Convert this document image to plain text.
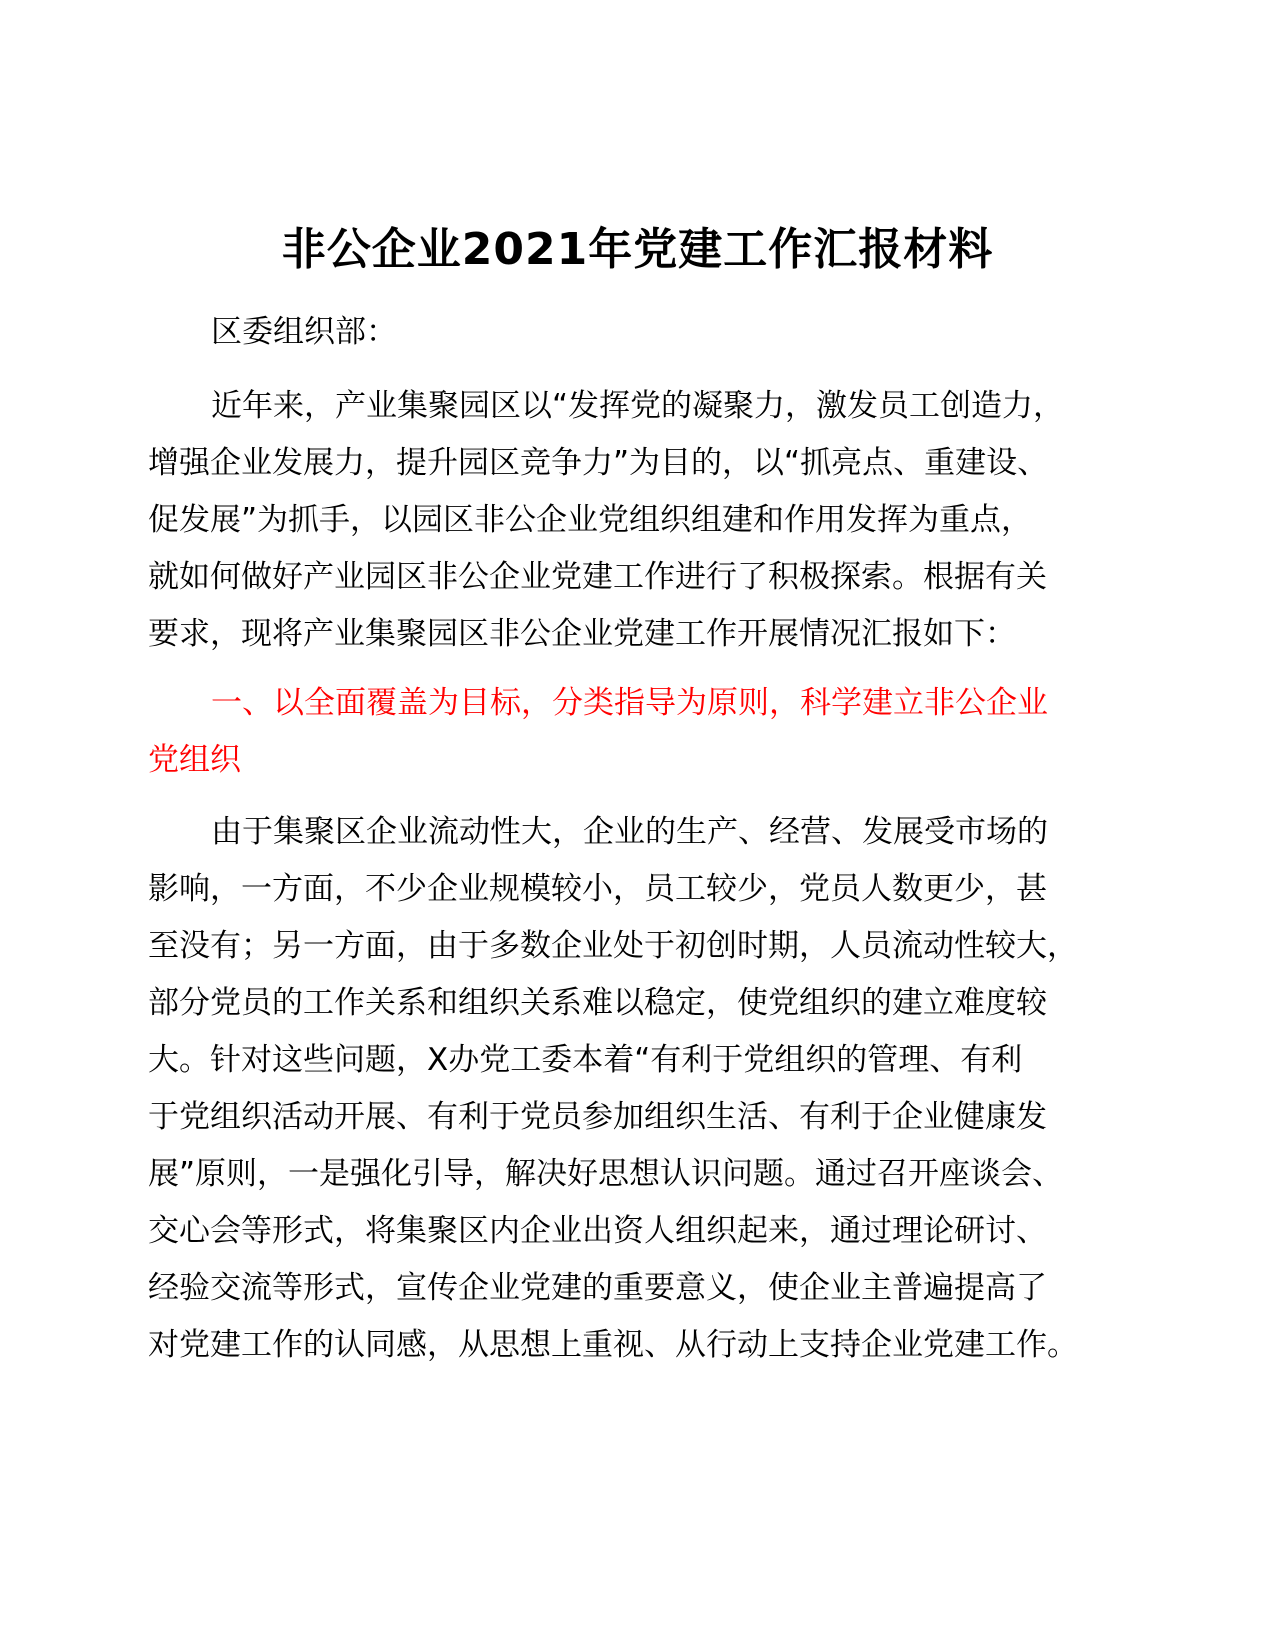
非公企业2021年党建工作汇报材料

区委组织部：

近年来，产业集聚园区以“发挥党的凝聚力，激发员工创造力，
增强企业发展力，提升园区竞争力”为目的，以“抓亮点、重建设、
促发展”为抓手，以园区非公企业党组织组建和作用发挥为重点，
就如何做好产业园区非公企业党建工作进行了积极探索。根据有关
要求，现将产业集聚园区非公企业党建工作开展情况汇报如下：
一、以全面覆盖为目标，分类指导为原则，科学建立非公企业
党组织
由于集聚区企业流动性大，企业的生产、经营、发展受市场的
影响，一方面，不少企业规模较小，员工较少，党员人数更少，甚
至没有；另一方面，由于多数企业处于初创时期，人员流动性较大，
部分党员的工作关系和组织关系难以稳定，使党组织的建立难度较
大。针对这些问题，X办党工委本着“有利于党组织的管理、有利
于党组织活动开展、有利于党员参加组织生活、有利于企业健康发
展”原则，一是强化引导，解决好思想认识问题。通过召开座谈会、
交心会等形式，将集聚区内企业出资人组织起来，通过理论研讨、
经验交流等形式，宣传企业党建的重要意义，使企业主普遍提高了
对党建工作的认同感，从思想上重视、从行动上支持企业党建工作。
